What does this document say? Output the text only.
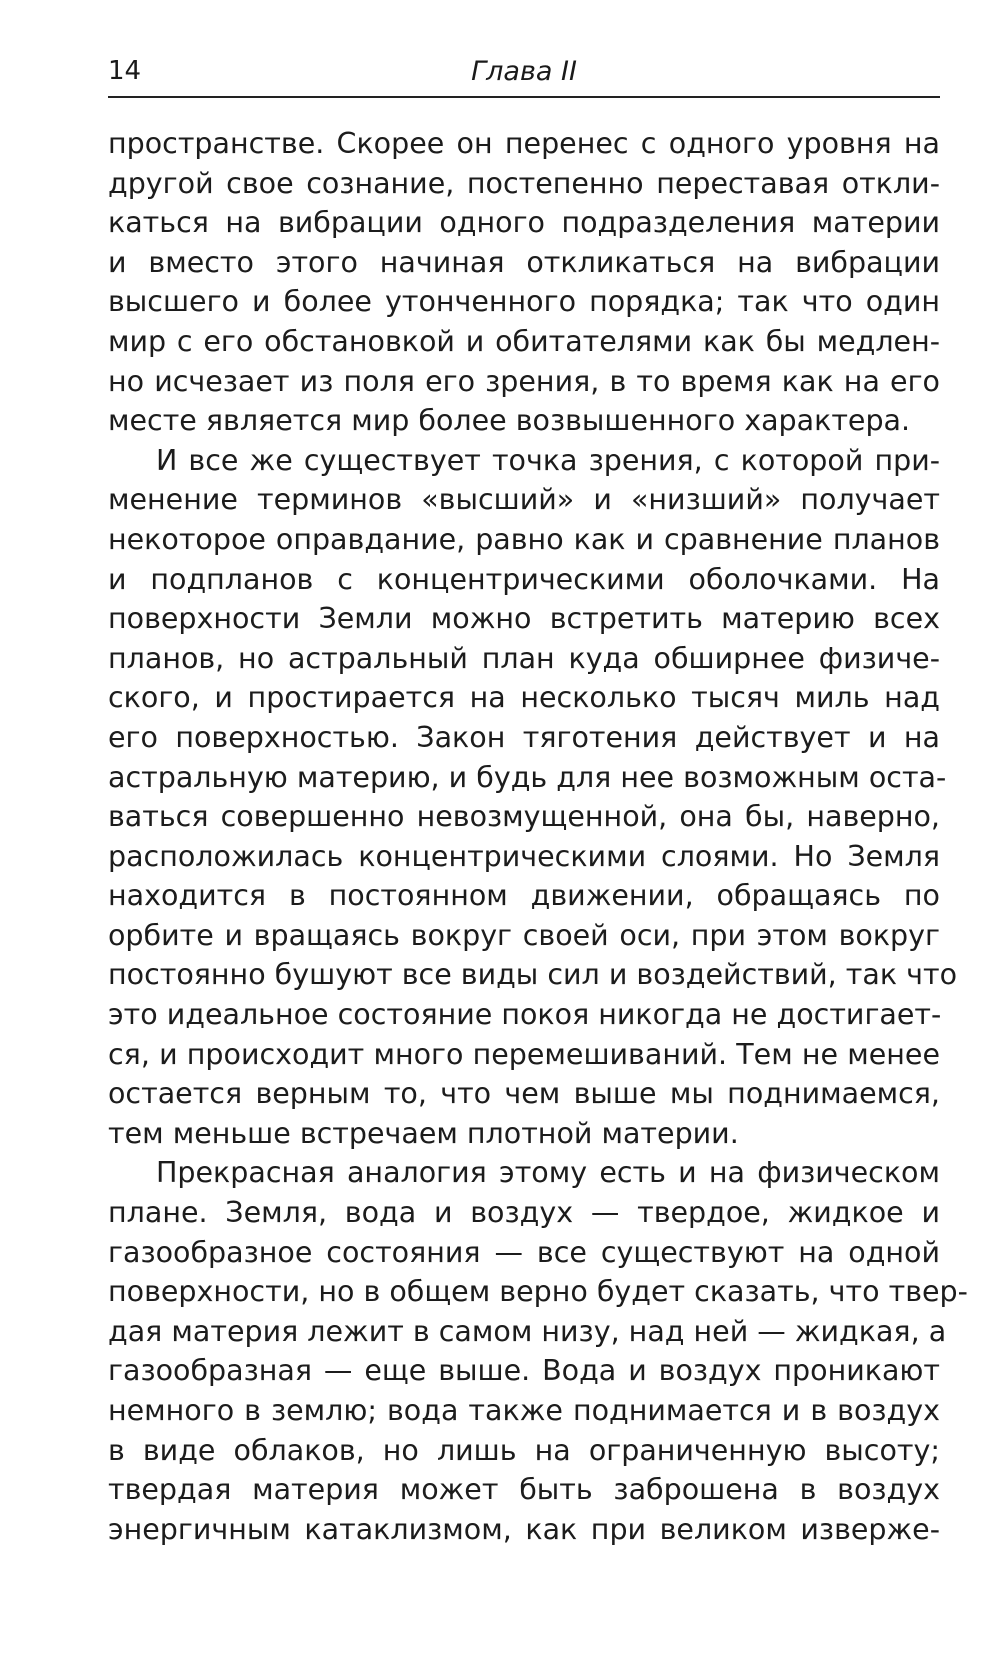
14	Глава II
пространстве. Скорее он перенес с одного уровня на
другой свое сознание, постепенно переставая откли-
каться на вибрации одного подразделения материи
и вместо этого начиная откликаться на вибрации
высшего и более утонченного порядка; так что один
мир с его обстановкой и обитателями как бы медлен-
но исчезает из поля его зрения, в то время как на его
месте является мир более возвышенного характера.
И все же существует точка зрения, с которой при-
менение терминов «высший» и «низший» получает
некоторое оправдание, равно как и сравнение планов
и подпланов с концентрическими оболочками. На
поверхности Земли можно встретить материю всех
планов, но астральный план куда обширнее физиче-
ского, и простирается на несколько тысяч миль над
его поверхностью. Закон тяготения действует и на
астральную материю, и будь для нее возможным оста-
ваться совершенно невозмущенной, она бы, наверно,
расположилась концентрическими слоями. Но Земля
находится в постоянном движении, обращаясь по
орбите и вращаясь вокруг своей оси, при этом вокруг
постоянно бушуют все виды сил и воздействий, так что
это идеальное состояние покоя никогда не достигает-
ся, и происходит много перемешиваний. Тем не менее
остается верным то, что чем выше мы поднимаемся,
тем меньше встречаем плотной материи.
Прекрасная аналогия этому есть и на физическом
плане. Земля, вода и воздух — твердое, жидкое и
газообразное состояния — все существуют на одной
поверхности, но в общем верно будет сказать, что твер-
дая материя лежит в самом низу, над ней — жидкая, а
газообразная — еще выше. Вода и воздух проникают
немного в землю; вода также поднимается и в воздух
в виде облаков, но лишь на ограниченную высоту;
твердая материя может быть заброшена в воздух
энергичным катаклизмом, как при великом изверже-
